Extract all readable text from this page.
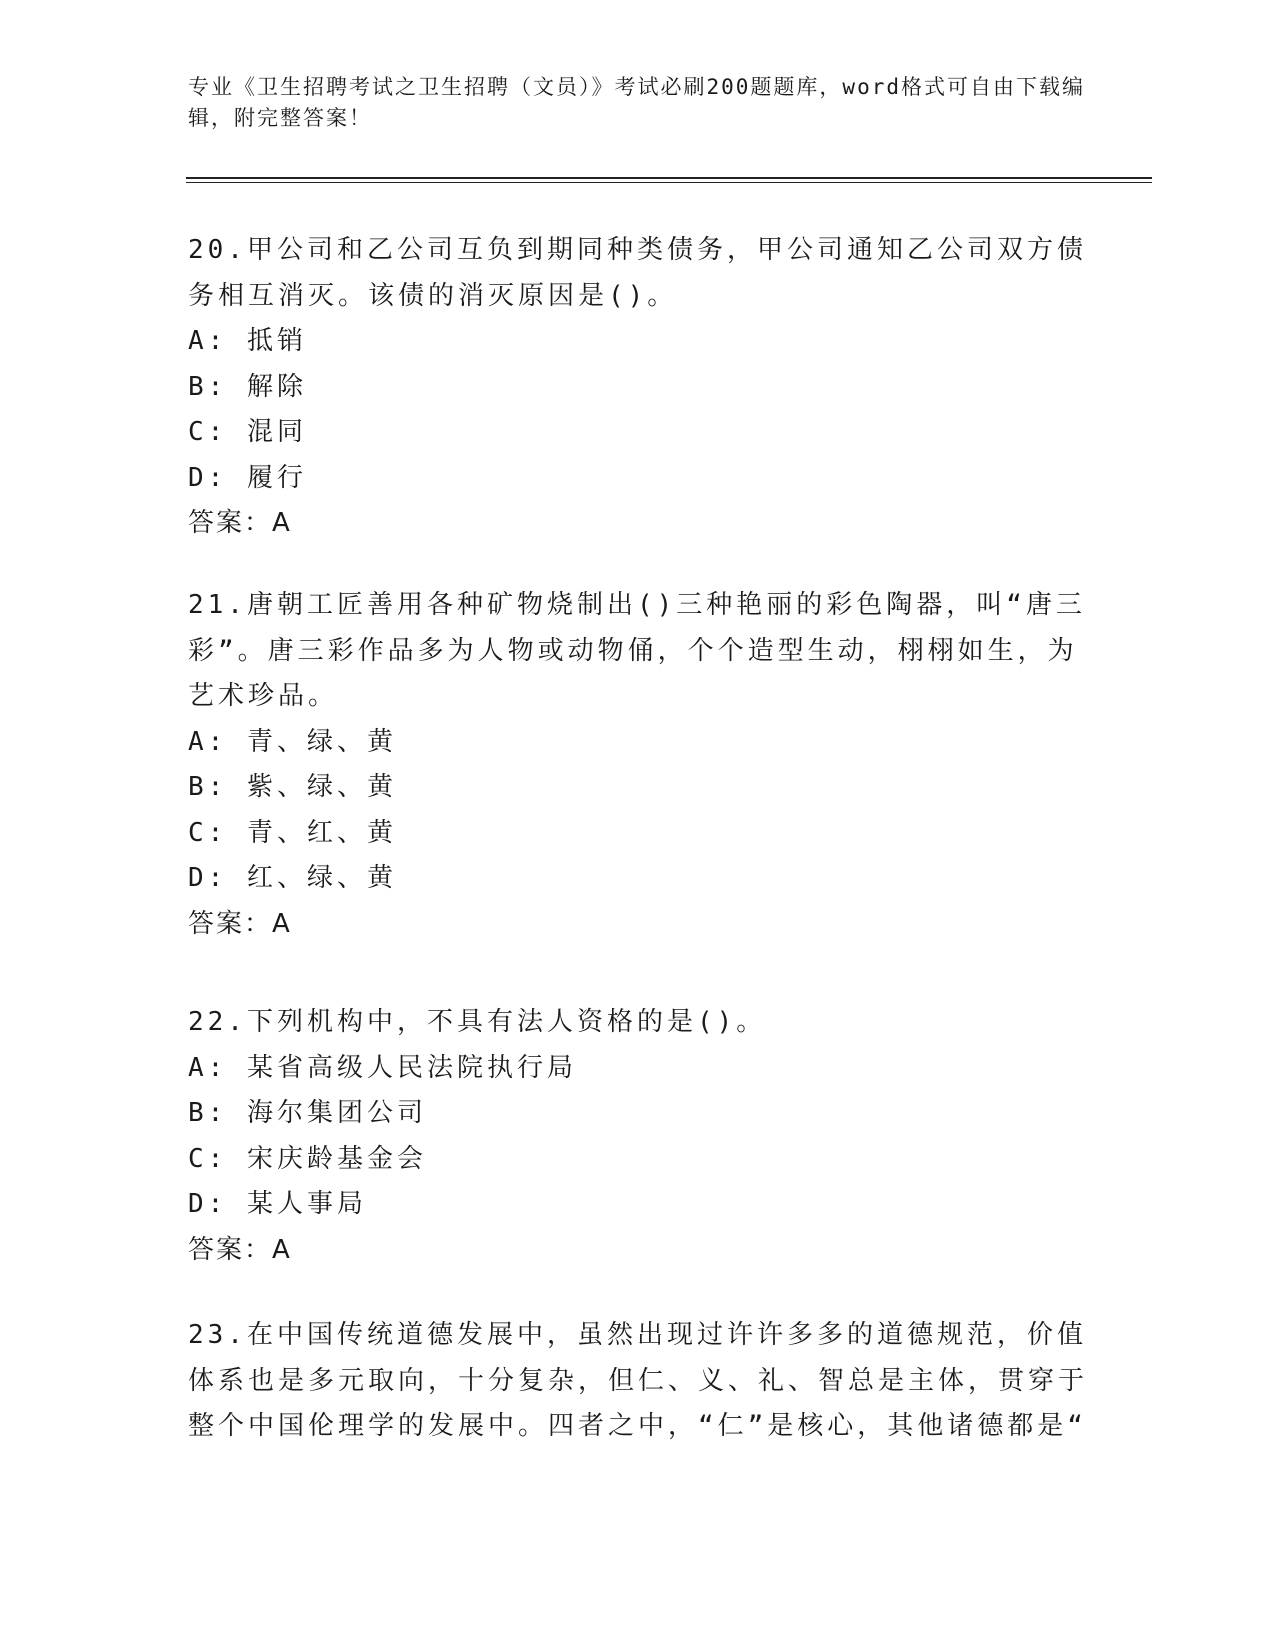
专业《卫生招聘考试之卫生招聘（文员）》考试必刷200题题库，word格式可自由下载编辑，附完整答案！

20.甲公司和乙公司互负到期同种类债务，甲公司通知乙公司双方债务相互消灭。该债的消灭原因是()。

A: 抵销

B: 解除

C: 混同

D: 履行

答案：A

21.唐朝工匠善用各种矿物烧制出()三种艳丽的彩色陶器，叫“唐三彩”。唐三彩作品多为人物或动物俑，个个造型生动，栩栩如生，为艺术珍品。

A: 青、绿、黄

B: 紫、绿、黄

C: 青、红、黄

D: 红、绿、黄

答案：A

22.下列机构中，不具有法人资格的是()。

A: 某省高级人民法院执行局

B: 海尔集团公司

C: 宋庆龄基金会

D: 某人事局

答案：A

23.在中国传统道德发展中，虽然出现过许许多多的道德规范，价值体系也是多元取向，十分复杂，但仁、义、礼、智总是主体，贯穿于整个中国伦理学的发展中。四者之中，“仁”是核心，其他诸德都是“
